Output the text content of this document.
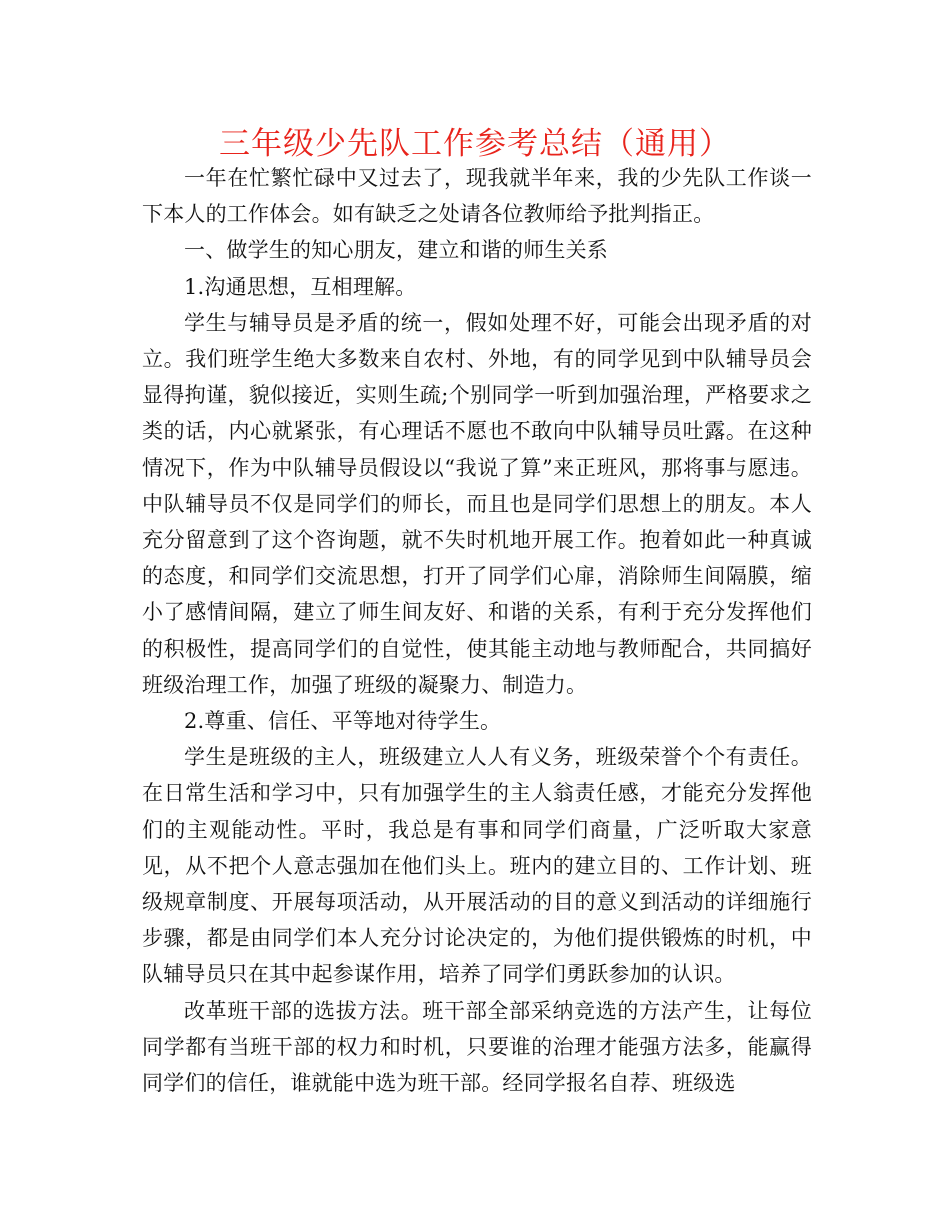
三年级少先队工作参考总结（通用）

一年在忙繁忙碌中又过去了，现我就半年来，我的少先队工作谈一下本人的工作体会。如有缺乏之处请各位教师给予批判指正。

一、做学生的知心朋友，建立和谐的师生关系

1.沟通思想，互相理解。

学生与辅导员是矛盾的统一，假如处理不好，可能会出现矛盾的对立。我们班学生绝大多数来自农村、外地，有的同学见到中队辅导员会显得拘谨，貌似接近，实则生疏;个别同学一听到加强治理，严格要求之类的话，内心就紧张，有心理话不愿也不敢向中队辅导员吐露。在这种情况下，作为中队辅导员假设以“我说了算”来正班风，那将事与愿违。中队辅导员不仅是同学们的师长，而且也是同学们思想上的朋友。本人充分留意到了这个咨询题，就不失时机地开展工作。抱着如此一种真诚的态度，和同学们交流思想，打开了同学们心扉，消除师生间隔膜，缩小了感情间隔，建立了师生间友好、和谐的关系，有利于充分发挥他们的积极性，提高同学们的自觉性，使其能主动地与教师配合，共同搞好班级治理工作，加强了班级的凝聚力、制造力。

2.尊重、信任、平等地对待学生。

学生是班级的主人，班级建立人人有义务，班级荣誉个个有责任。在日常生活和学习中，只有加强学生的主人翁责任感，才能充分发挥他们的主观能动性。平时，我总是有事和同学们商量，广泛听取大家意见，从不把个人意志强加在他们头上。班内的建立目的、工作计划、班级规章制度、开展每项活动，从开展活动的目的意义到活动的详细施行步骤，都是由同学们本人充分讨论决定的，为他们提供锻炼的时机，中队辅导员只在其中起参谋作用，培养了同学们勇跃参加的认识。

改革班干部的选拔方法。班干部全部采纳竞选的方法产生，让每位同学都有当班干部的权力和时机，只要谁的治理才能强方法多，能赢得同学们的信任，谁就能中选为班干部。经同学报名自荐、班级选
